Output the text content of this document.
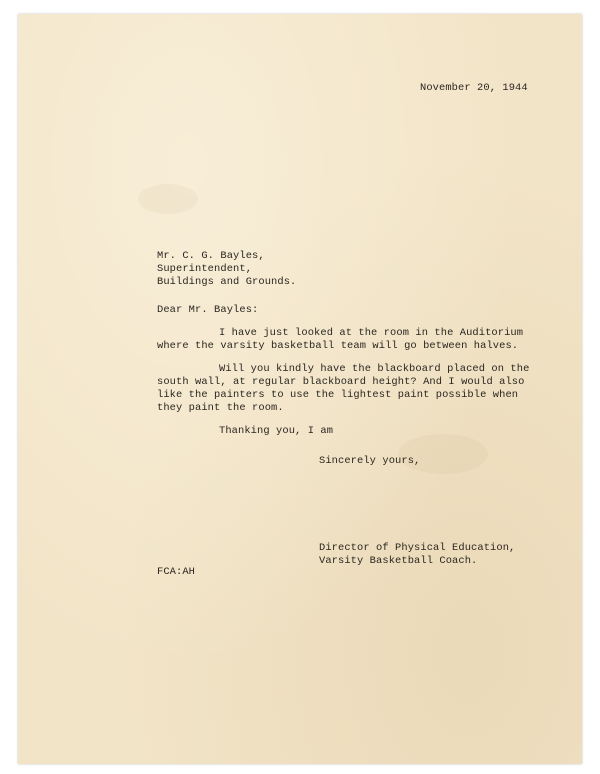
November 20, 1944
Mr. C. G. Bayles,
Superintendent,
Buildings and Grounds.
Dear Mr. Bayles:
I have just looked at the room in the Auditorium
where the varsity basketball team will go between halves.
Will you kindly have the blackboard placed on the
south wall, at regular blackboard height? And I would also
like the painters to use the lightest paint possible when
they paint the room.
Thanking you, I am
Sincerely yours,
Director of Physical Education,
Varsity Basketball Coach.
FCA:AH
